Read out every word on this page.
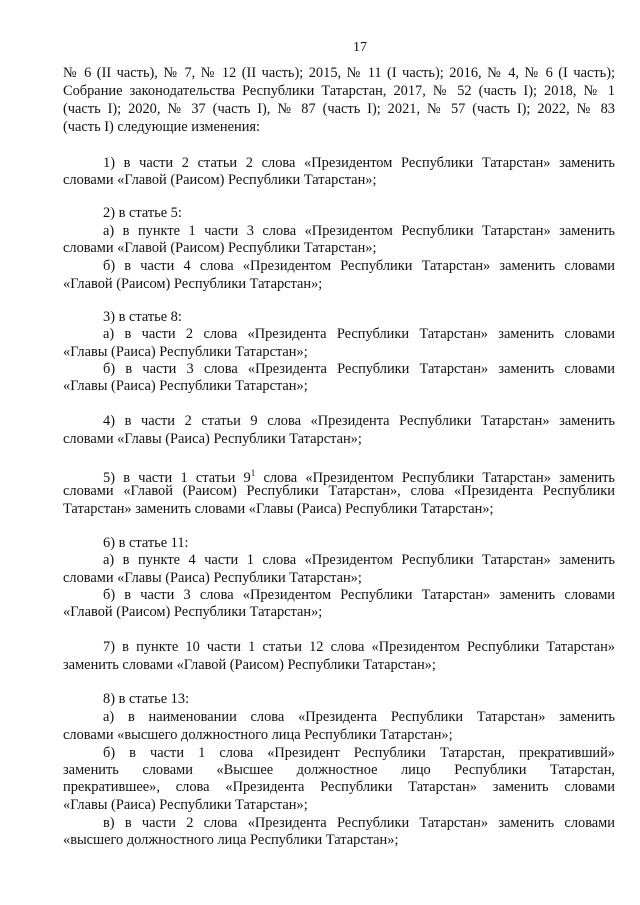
17
№ 6 (II часть), № 7, № 12 (II часть); 2015, № 11 (I часть); 2016, № 4, № 6 (I часть);
Собрание законодательства Республики Татарстан, 2017, № 52 (часть I); 2018, № 1
(часть I); 2020, № 37 (часть I), № 87 (часть I); 2021, № 57 (часть I); 2022, № 83
(часть I) следующие изменения:
1) в части 2 статьи 2 слова «Президентом Республики Татарстан» заменить
словами «Главой (Раисом) Республики Татарстан»;
2) в статье 5:
а) в пункте 1 части 3 слова «Президентом Республики Татарстан» заменить
словами «Главой (Раисом) Республики Татарстан»;
б) в части 4 слова «Президентом Республики Татарстан» заменить словами
«Главой (Раисом) Республики Татарстан»;
3) в статье 8:
а) в части 2 слова «Президента Республики Татарстан» заменить словами
«Главы (Раиса) Республики Татарстан»;
б) в части 3 слова «Президента Республики Татарстан» заменить словами
«Главы (Раиса) Республики Татарстан»;
4) в части 2 статьи 9 слова «Президента Республики Татарстан» заменить
словами «Главы (Раиса) Республики Татарстан»;
5) в части 1 статьи $9^1$ слова «Президентом Республики Татарстан» заменить
словами «Главой (Раисом) Республики Татарстан», слова «Президента Республики
Татарстан» заменить словами «Главы (Раиса) Республики Татарстан»;
6) в статье 11:
а) в пункте 4 части 1 слова «Президентом Республики Татарстан» заменить
словами «Главы (Раиса) Республики Татарстан»;
б) в части 3 слова «Президентом Республики Татарстан» заменить словами
«Главой (Раисом) Республики Татарстан»;
7) в пункте 10 части 1 статьи 12 слова «Президентом Республики Татарстан»
заменить словами «Главой (Раисом) Республики Татарстан»;
8) в статье 13:
а) в наименовании слова «Президента Республики Татарстан» заменить
словами «высшего должностного лица Республики Татарстан»;
б) в части 1 слова «Президент Республики Татарстан, прекративший»
заменить словами «Высшее должностное лицо Республики Татарстан,
прекратившее», слова «Президента Республики Татарстан» заменить словами
«Главы (Раиса) Республики Татарстан»;
в) в части 2 слова «Президента Республики Татарстан» заменить словами
«высшего должностного лица Республики Татарстан»;
